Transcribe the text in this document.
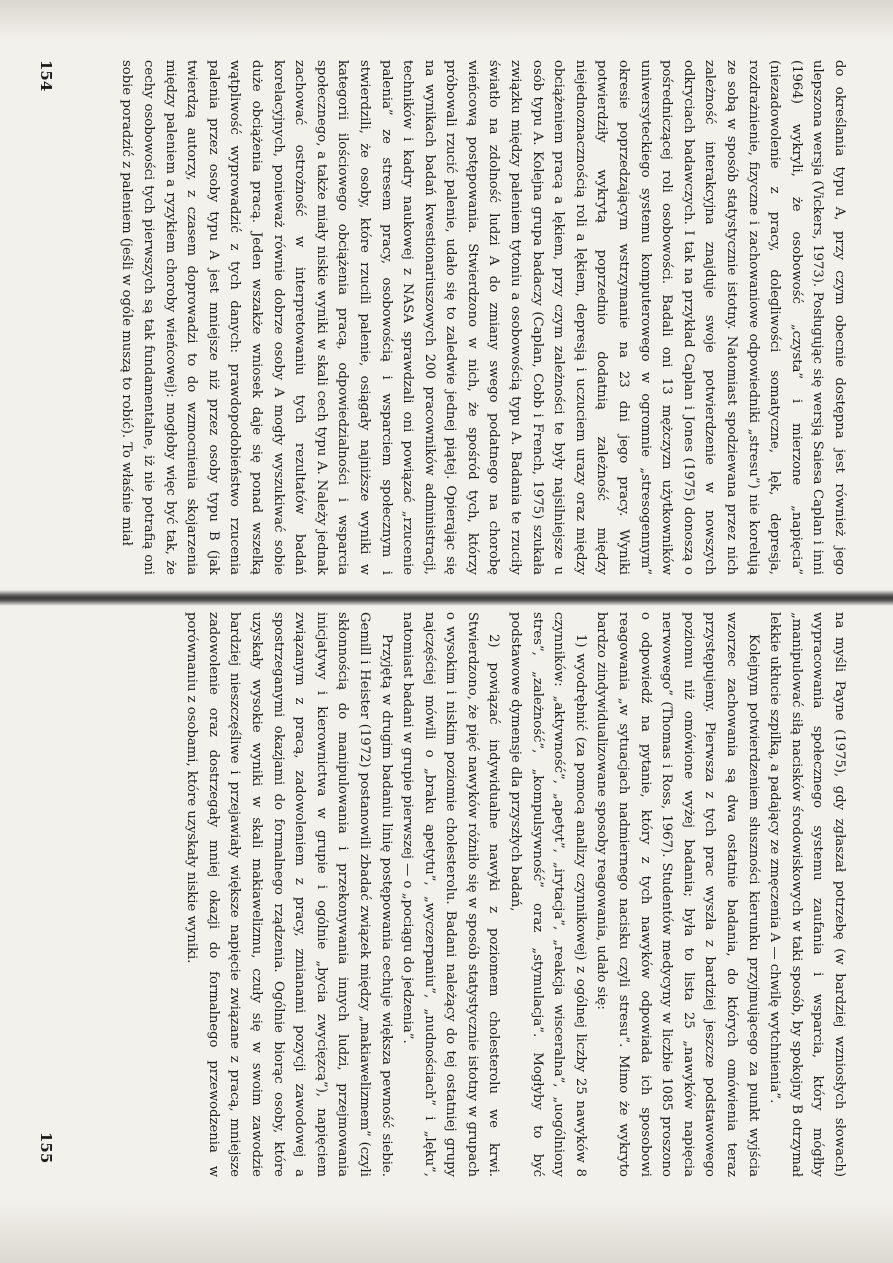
do określania typu A, przy czym obecnie dostępna jest również jego ulepszona wersja (Vickers, 1973). Posługując się wersją Saiesa Caplan i inni (1964) wykryli, że osobowość „czysta” i mierzone „napięcia” (niezadowolenie z pracy, dolegliwości somatyczne, lęk, depresja, rozdrażnienie, fizyczne i zachowaniowe odpowiedniki „stresu”) nie korelują ze sobą w sposób statystycznie istotny. Natomiast spodziewana przez nich zależność interakcyjna znajduje swoje potwierdzenie w nowszych odkryciach badawczych. I tak na przykład Caplan i Jones (1975) donoszą o pośredniczącej roli osobowości. Badali oni 13 mężczyzn użytkowników uniwersyteckiego systemu komputerowego w ogromnie „stresogennym” okresie poprzedzającym wstrzymanie na 23 dni jego pracy. Wyniki potwierdziły wykrytą poprzednio dodatnią zależność między niejednoznacznością roli a lękiem, depresją i uczuciem urazy oraz między obciążeniem pracą a lękiem, przy czym zależności te były najsilniejsze u osób typu A. Kolejna grupa badaczy (Caplan, Cobb i French, 1975) szukała związku między paleniem tytoniu a osobowością typu A. Badania te rzuciły światło na zdolność ludzi A do zmiany swego podatnego na chorobę wieńcową postępowania. Stwierdzono w nich, że spośród tych, którzy próbowali rzucić palenie, udało się to zaledwie jednej piątej. Opierając się na wynikach badań kwestionariuszowych 200 pracowników administracji, techników i kadry naukowej z NASA sprawdzali oni powiązać „rzucenie palenia” ze stresem pracy, osobowością i wsparciem społecznym i stwierdzili, że osoby, które rzucili palenie, osiągały najniższe wyniki w kategorii ilościowego obciążenia pracą, odpowiedzialności i wsparcia społecznego, a także miały niskie wyniki w skali cech typu A. Należy jednak zachować ostrożność w interpretowaniu tych rezultatów badań korelacyjnych, ponieważ równie dobrze osoby A mogły wyszukiwać sobie duże obciążenia pracą. Jeden wszakże wniosek daje się ponad wszelką wątpliwość wyprowadzić z tych danych: prawdopodobieństwo rzucenia palenia przez osoby typu A jest mniejsze niż przez osoby typu B (jak twierdzą autorzy, z czasem doprowadzi to do wzmocnienia skojarzenia między paleniem a ryzykiem choroby wieńcowej): mogłoby więc być tak, że cechy osobowości tych pierwszych są tak fundamentalne, iż nie potrafią oni sobie poradzić z paleniem (jeśli w ogóle muszą to robić). To właśnie miał

154

na myśli Payne (1975), gdy zgłaszał potrzebę (w bardziej wzniosłych słowach) wypracowania społecznego systemu zaufania i wsparcia, który mógłby „manipulować siłą nacisków środowiskowych w taki sposób, by spokojny B otrzymał lekkie ukłucie szpilką, a padający ze zmęczenia A — chwilę wytchnienia”.

Kolejnym potwierdzeniem słuszności kierunku przyjmującego za punkt wyjścia wzorzec zachowania są dwa ostatnie badania, do których omówienia teraz przystępujemy. Pierwsza z tych prac wyszła z bardziej jeszcze podstawowego poziomu niż omówione wyżej badania; była to lista 25 „nawyków napięcia nerwowego” (Thomas i Ross, 1967). Studentów medycyny w liczbie 1085 proszono o odpowiedź na pytanie, który z tych nawyków odpowiada ich sposobowi reagowania „w sytuacjach nadmiernego nacisku czyli stresu”. Mimo że wykryto bardzo zindywidualizowane sposoby reagowania, udało się:

1) wyodrębnić (za pomocą analizy czynnikowej) z ogólnej liczby 25 nawyków 8 czynników: „aktywność”, „apetyt”, „irytacja”, „reakcja wisceralna”, „uogólniony stres”, „zależność”, „kompulsywność” oraz „stymulacja”. Mogłyby to być podstawowe dymensje dla przyszłych badań,

2) powiązać indywidualne nawyki z poziomem cholesterolu we krwi. Stwierdzono, że pięć nawyków różniło się w sposób statystycznie istotny w grupach o wysokim i niskim poziomie cholesterolu. Badani należący do tej ostatniej grupy najczęściej mówili o „braku apetytu”, „wyczerpaniu”, „nudnościach” i „lęku”, natomiast badani w grupie pierwszej — o „pociągu do jedzenia”.

Przyjętą w drugim badaniu linię postępowania cechuje większa pewność siebie. Gemill i Heister (1972) postanowili zbadać związek między „makiawelizmem” (czyli skłonnością do manipulowania i przekonywania innych ludzi, przejmowania inicjatywy i kierownictwa w grupie i ogólnie „bycia zwycięzcą”), napięciem związanym z pracą, zadowoleniem z pracy, zmianami pozycji zawodowej a spostrzeganymi okazjami do formalnego rządzenia. Ogólnie biorąc osoby, które uzyskały wysokie wyniki w skali makiawelizmu, czuły się w swoim zawodzie bardziej nieszczęśliwe i przejawiały większe napięcie związane z pracą, mniejsze zadowolenie oraz dostrzegały mniej okazji do formalnego przewodzenia w porównaniu z osobami, które uzyskały niskie wyniki.

155
